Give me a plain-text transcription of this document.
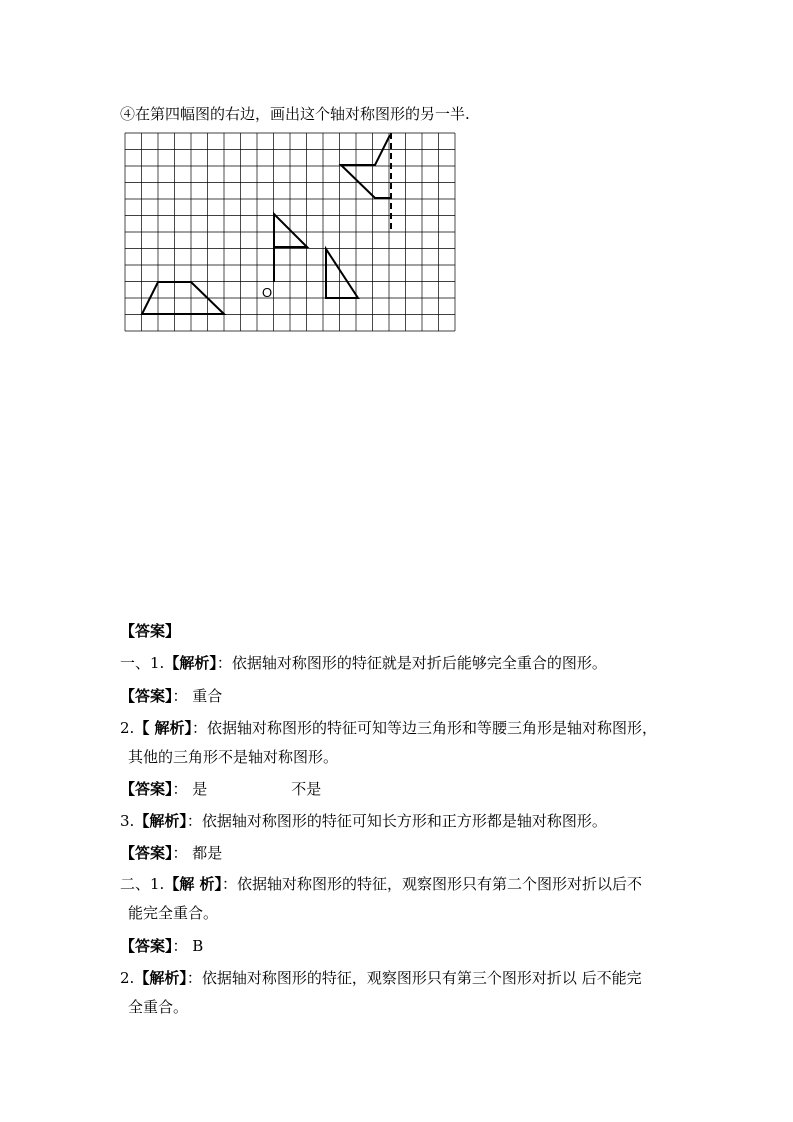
④在第四幅图的右边，画出这个轴对称图形的另一半.
O
【答案】
一、1.【解析】：依据轴对称图形的特征就是对折后能够完全重合的图形。
【答案】： 重合
2.【 解析】：依据轴对称图形的特征可知等边三角形和等腰三角形是轴对称图形，
其他的三角形不是轴对称图形。
【答案】： 是	不是
3.【解析】：依据轴对称图形的特征可知长方形和正方形都是轴对称图形。
【答案】： 都是
二、1.【解 析】：依据轴对称图形的特征，观察图形只有第二个图形对折以后不
能完全重合。
【答案】： B
2.【解析】：依据轴对称图形的特征，观察图形只有第三个图形对折以 后不能完
全重合。
